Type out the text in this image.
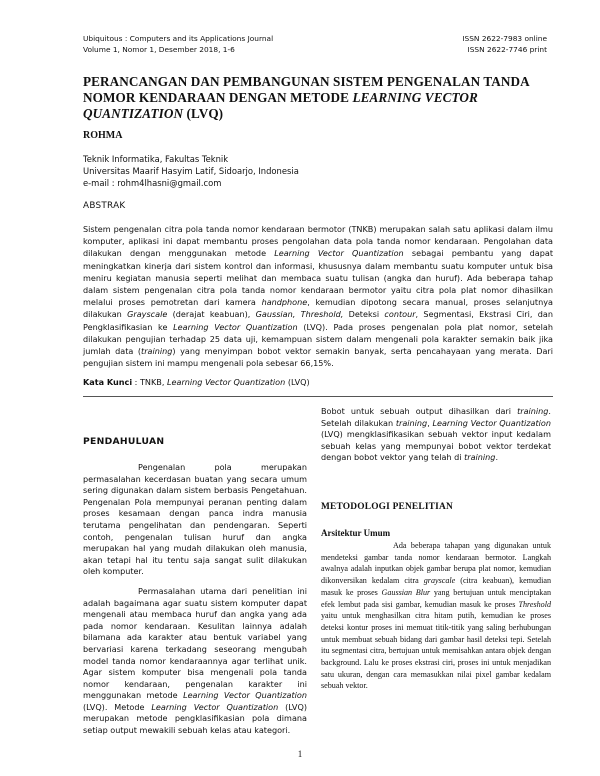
Ubiquitous : Computers and its Applications Journal
Volume 1, Nomor 1, Desember 2018, 1-6
ISSN 2622-7983 online
ISSN 2622-7746 print
PERANCANGAN DAN PEMBANGUNAN SISTEM PENGENALAN TANDA NOMOR KENDARAAN DENGAN METODE LEARNING VECTOR QUANTIZATION (LVQ)
ROHMA
Teknik Informatika, Fakultas Teknik
Universitas Maarif Hasyim Latif, Sidoarjo, Indonesia
e-mail : rohm4lhasni@gmail.com
ABSTRAK
Sistem pengenalan citra pola tanda nomor kendaraan bermotor (TNKB) merupakan salah satu aplikasi dalam ilmu komputer, aplikasi ini dapat membantu proses pengolahan data pola tanda nomor kendaraan. Pengolahan data dilakukan dengan menggunakan metode Learning Vector Quantization sebagai pembantu yang dapat meningkatkan kinerja dari sistem kontrol dan informasi, khususnya dalam membantu suatu komputer untuk bisa meniru kegiatan manusia seperti melihat dan membaca suatu tulisan (angka dan huruf). Ada beberapa tahap dalam sistem pengenalan citra pola tanda nomor kendaraan bermotor yaitu citra pola plat nomor dihasilkan melalui proses pemotretan dari kamera handphone, kemudian dipotong secara manual, proses selanjutnya dilakukan Grayscale (derajat keabuan), Gaussian, Threshold, Deteksi contour, Segmentasi, Ekstrasi Ciri, dan Pengklasifikasian ke Learning Vector Quantization (LVQ). Pada proses pengenalan pola plat nomor, setelah dilakukan pengujian terhadap 25 data uji, kemampuan sistem dalam mengenali pola karakter semakin baik jika jumlah data (training) yang menyimpan bobot vektor semakin banyak, serta pencahayaan yang merata. Dari pengujian sistem ini mampu mengenali pola sebesar 66,15%.
Kata Kunci : TNKB, Learning Vector Quantization (LVQ)
PENDAHULUAN

Pengenalan pola merupakan permasalahan kecerdasan buatan yang secara umum sering digunakan dalam sistem berbasis Pengetahuan. Pengenalan Pola mempunyai peranan penting dalam proses kesamaan dengan panca indra manusia terutama pengelihatan dan pendengaran. Seperti contoh, pengenalan tulisan huruf dan angka merupakan hal yang mudah dilakukan oleh manusia, akan tetapi hal itu tentu saja sangat sulit dilakukan oleh komputer.

Permasalahan utama dari penelitian ini adalah bagaimana agar suatu sistem komputer dapat mengenali atau membaca huruf dan angka yang ada pada nomor kendaraan. Kesulitan lainnya adalah bilamana ada karakter atau bentuk variabel yang bervariasi karena terkadang seseorang mengubah model tanda nomor kendaraannya agar terlihat unik. Agar sistem komputer bisa mengenali pola tanda nomor kendaraan, pengenalan karakter ini menggunakan metode Learning Vector Quantization (LVQ). Metode Learning Vector Quantization (LVQ) merupakan metode pengklasifikasian pola dimana setiap output mewakili sebuah kelas atau kategori.

Bobot untuk sebuah output dihasilkan dari training. Setelah dilakukan training, Learning Vector Quantization (LVQ) mengklasifikasikan sebuah vektor input kedalam sebuah kelas yang mempunyai bobot vektor terdekat dengan bobot vektor yang telah di training.
METODOLOGI PENELITIAN
Arsitektur Umum
Ada beberapa tahapan yang digunakan untuk mendeteksi gambar tanda nomor kendaraan bermotor. Langkah awalnya adalah inputkan objek gambar berupa plat nomor, kemudian dikonversikan kedalam citra grayscale (citra keabuan), kemudian masuk ke proses Gaussian Blur yang bertujuan untuk menciptakan efek lembut pada sisi gambar, kemudian masuk ke proses Threshold yaitu untuk menghasilkan citra hitam putih, kemudian ke proses deteksi kontur proses ini memuat titik-titik yang saling berhubungan untuk membuat sebuah bidang dari gambar hasil deteksi tepi. Setelah itu segmentasi citra, bertujuan untuk memisahkan antara objek dengan background. Lalu ke proses ekstrasi ciri, proses ini untuk menjadikan satu ukuran, dengan cara memasukkan nilai pixel gambar kedalam sebuah vektor.
1
